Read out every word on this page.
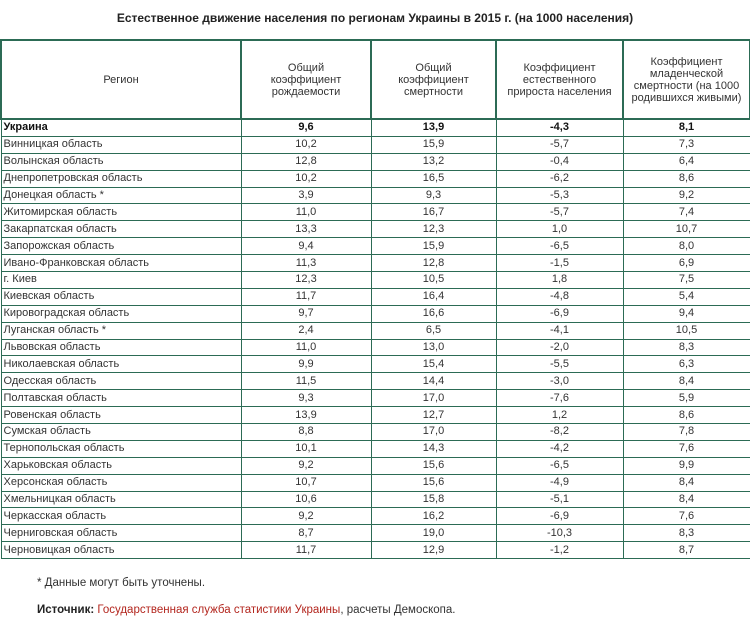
Естественное движение населения по регионам Украины в 2015 г. (на 1000 населения)
Регион	Общий коэффициент рождаемости	Общий коэффициент смертности	Коэффициент естественного прироста населения	Коэффициент младенческой смертности (на 1000 родившихся живыми)

Украина	9,6	13,9	-4,3	8,1
Винницкая область	10,2	15,9	-5,7	7,3
Волынская область	12,8	13,2	-0,4	6,4
Днепропетровская область	10,2	16,5	-6,2	8,6
Донецкая область *	3,9	9,3	-5,3	9,2
Житомирская область	11,0	16,7	-5,7	7,4
Закарпатская область	13,3	12,3	1,0	10,7
Запорожская область	9,4	15,9	-6,5	8,0
Ивано-Франковская область	11,3	12,8	-1,5	6,9
г. Киев	12,3	10,5	1,8	7,5
Киевская область	11,7	16,4	-4,8	5,4
Кировоградская область	9,7	16,6	-6,9	9,4
Луганская область *	2,4	6,5	-4,1	10,5
Львовская область	11,0	13,0	-2,0	8,3
Николаевская область	9,9	15,4	-5,5	6,3
Одесская область	11,5	14,4	-3,0	8,4
Полтавская область	9,3	17,0	-7,6	5,9
Ровенская область	13,9	12,7	1,2	8,6
Сумская область	8,8	17,0	-8,2	7,8
Тернопольская область	10,1	14,3	-4,2	7,6
Харьковская область	9,2	15,6	-6,5	9,9
Херсонская область	10,7	15,6	-4,9	8,4
Хмельницкая область	10,6	15,8	-5,1	8,4
Черкасская область	9,2	16,2	-6,9	7,6
Черниговская область	8,7	19,0	-10,3	8,3
Черновицкая область	11,7	12,9	-1,2	8,7
* Данные могут быть уточнены.
Источник: Государственная служба статистики Украины, расчеты Демоскопа.
